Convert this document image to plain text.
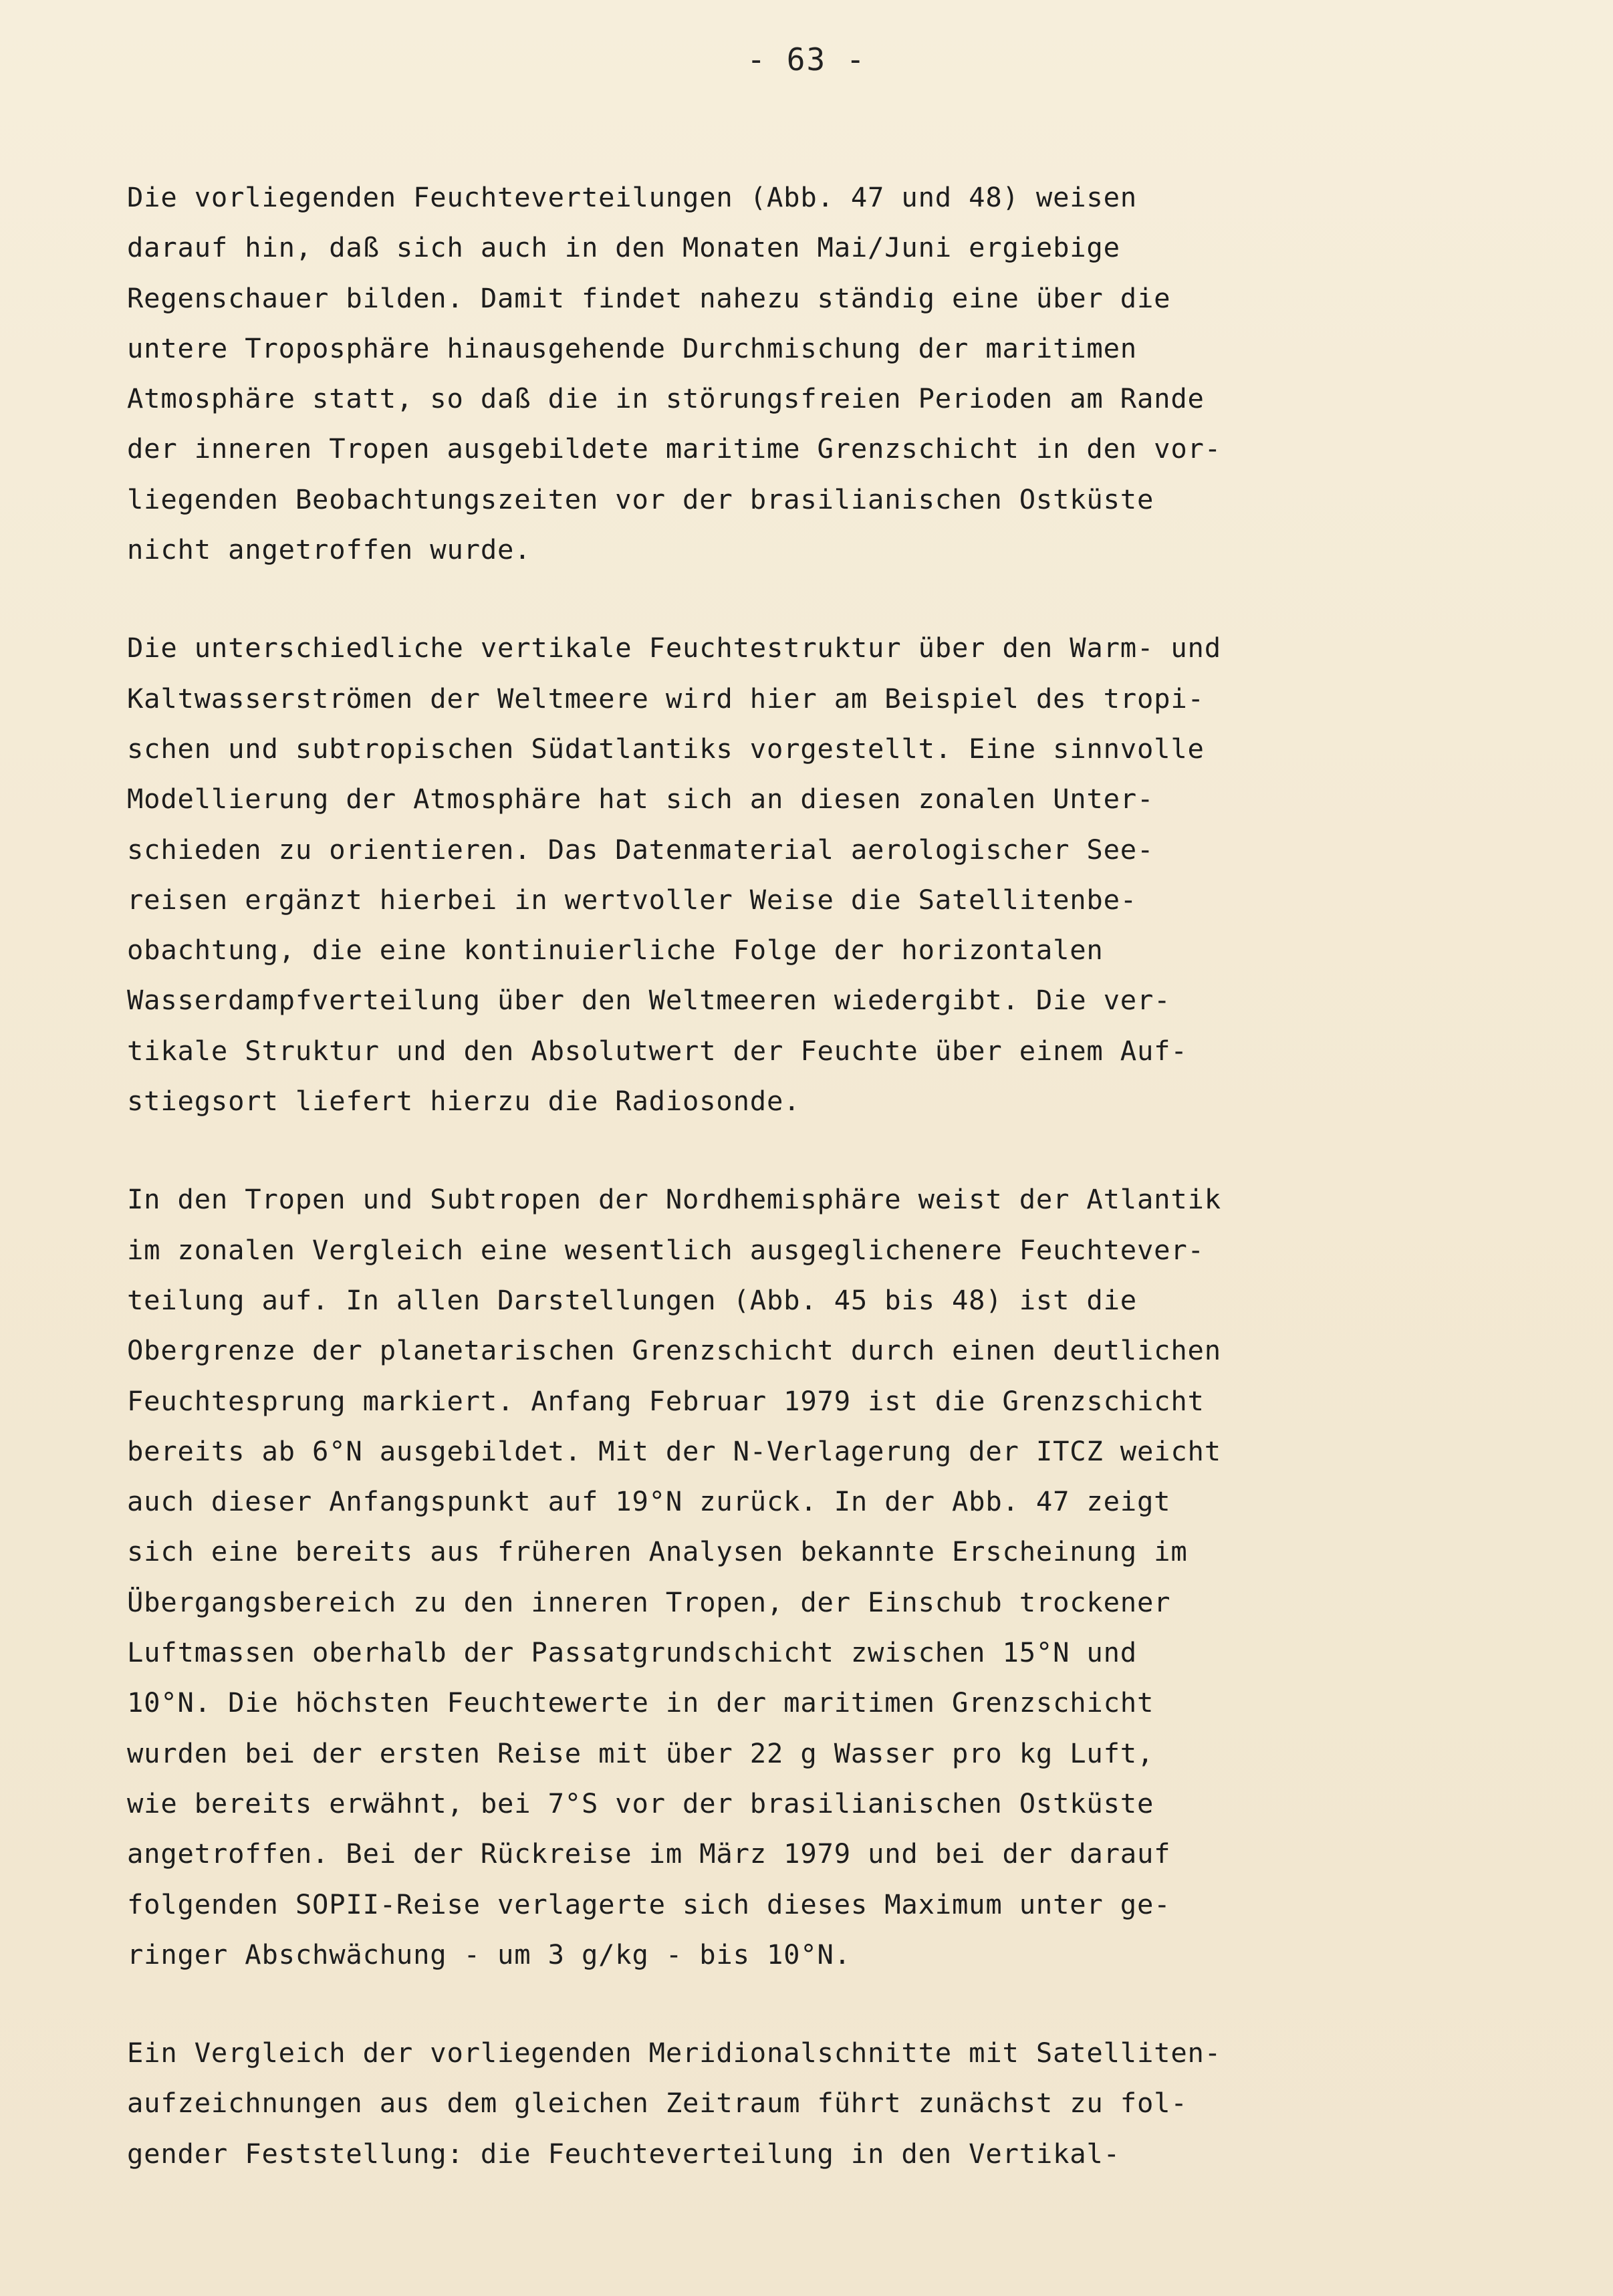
- 63 -
Die vorliegenden Feuchteverteilungen (Abb. 47 und 48) weisen
darauf hin, daß sich auch in den Monaten Mai/Juni ergiebige
Regenschauer bilden. Damit findet nahezu ständig eine über die
untere Troposphäre hinausgehende Durchmischung der maritimen
Atmosphäre statt, so daß die in störungsfreien Perioden am Rande
der inneren Tropen ausgebildete maritime Grenzschicht in den vor-
liegenden Beobachtungszeiten vor der brasilianischen Ostküste
nicht angetroffen wurde.
Die unterschiedliche vertikale Feuchtestruktur über den Warm- und
Kaltwasserströmen der Weltmeere wird hier am Beispiel des tropi-
schen und subtropischen Südatlantiks vorgestellt. Eine sinnvolle
Modellierung der Atmosphäre hat sich an diesen zonalen Unter-
schieden zu orientieren. Das Datenmaterial aerologischer See-
reisen ergänzt hierbei in wertvoller Weise die Satellitenbe-
obachtung, die eine kontinuierliche Folge der horizontalen
Wasserdampfverteilung über den Weltmeeren wiedergibt. Die ver-
tikale Struktur und den Absolutwert der Feuchte über einem Auf-
stiegsort liefert hierzu die Radiosonde.
In den Tropen und Subtropen der Nordhemisphäre weist der Atlantik
im zonalen Vergleich eine wesentlich ausgeglichenere Feuchtever-
teilung auf. In allen Darstellungen (Abb. 45 bis 48) ist die
Obergrenze der planetarischen Grenzschicht durch einen deutlichen
Feuchtesprung markiert. Anfang Februar 1979 ist die Grenzschicht
bereits ab 6°N ausgebildet. Mit der N-Verlagerung der ITCZ weicht
auch dieser Anfangspunkt auf 19°N zurück. In der Abb. 47 zeigt
sich eine bereits aus früheren Analysen bekannte Erscheinung im
Übergangsbereich zu den inneren Tropen, der Einschub trockener
Luftmassen oberhalb der Passatgrundschicht zwischen 15°N und
10°N. Die höchsten Feuchtewerte in der maritimen Grenzschicht
wurden bei der ersten Reise mit über 22 g Wasser pro kg Luft,
wie bereits erwähnt, bei 7°S vor der brasilianischen Ostküste
angetroffen. Bei der Rückreise im März 1979 und bei der darauf
folgenden SOPII-Reise verlagerte sich dieses Maximum unter ge-
ringer Abschwächung - um 3 g/kg - bis 10°N.
Ein Vergleich der vorliegenden Meridionalschnitte mit Satelliten-
aufzeichnungen aus dem gleichen Zeitraum führt zunächst zu fol-
gender Feststellung: die Feuchteverteilung in den Vertikal-
